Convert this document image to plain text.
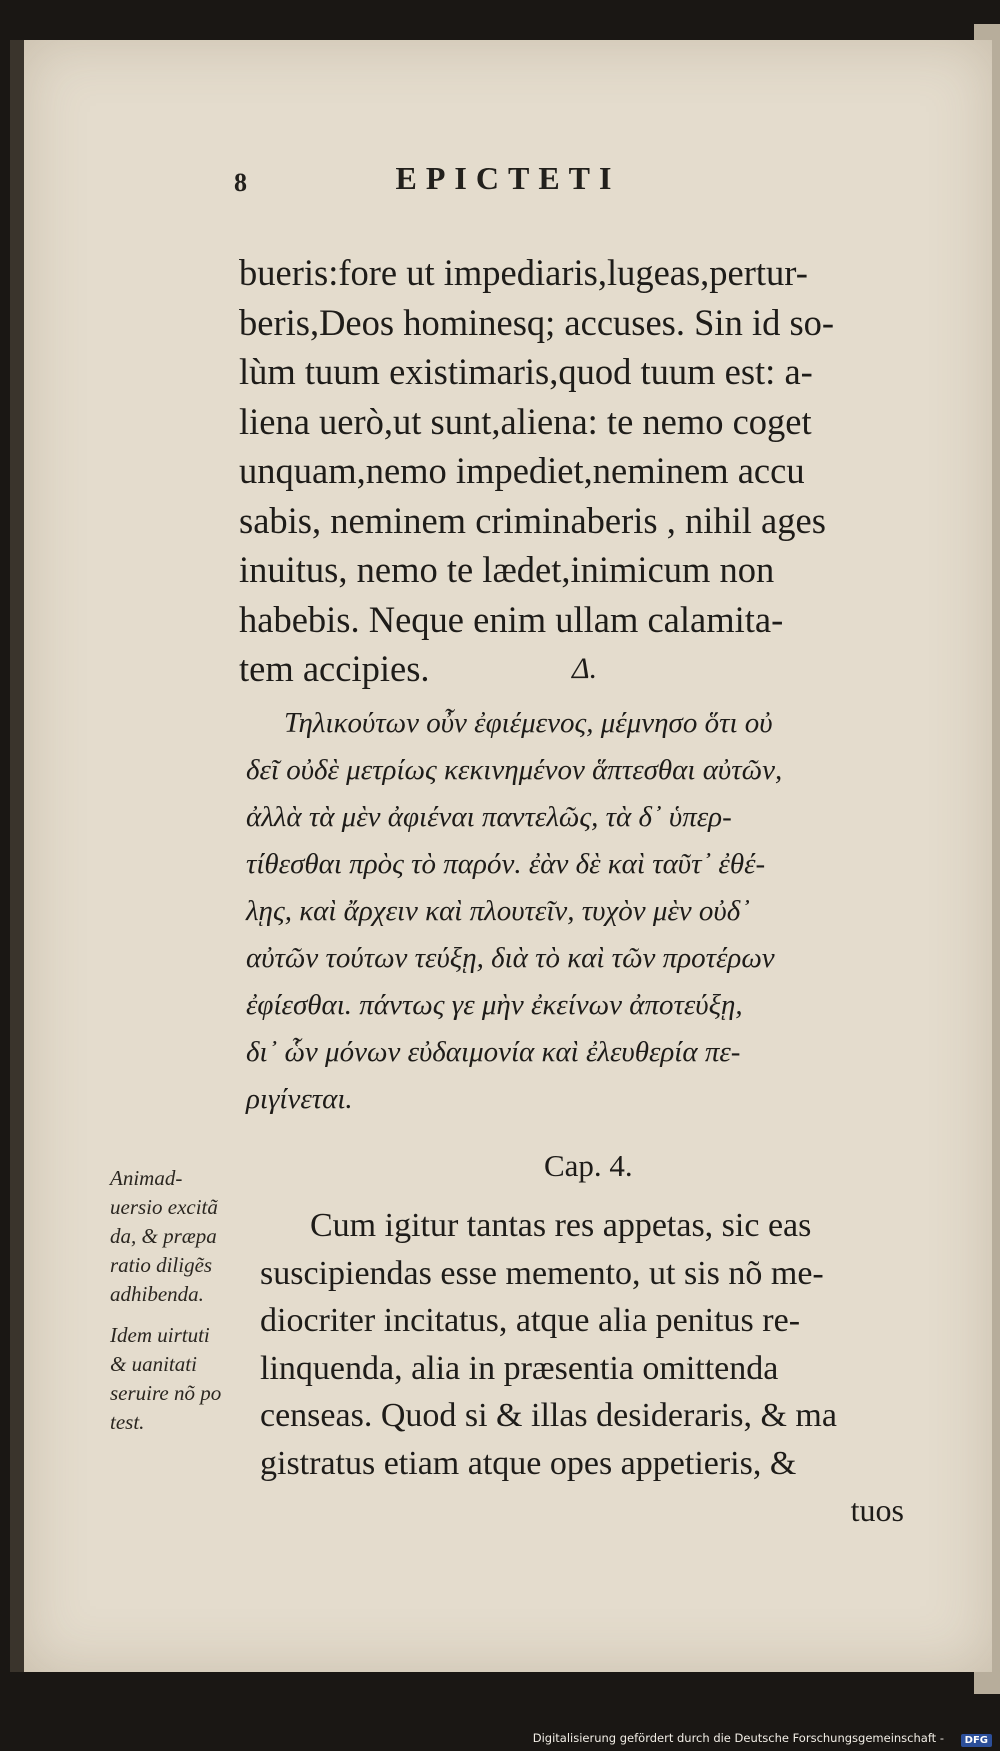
8	EPICTETI
bueris:fore ut impediaris,lugeas,pertur-
beris,Deos hominesq; accuses. Sin id so-
lùm tuum existimaris,quod tuum est: a-
liena uerò,ut sunt,aliena: te nemo coget
unquam,nemo impediet,neminem accu
sabis, neminem criminaberis , nihil ages
inuitus, nemo te lædet,inimicum non
habebis. Neque enim ullam calamita-
tem accipies.	Δ.
Τηλικούτων οὖν ἐφιέμενος, μέμνησο ὅτι οὐ
δεῖ οὐδὲ μετρίως κεκινημένον ἅπτεσθαι αὐτῶν,
ἀλλὰ τὰ μὲν ἀφιέναι παντελῶς, τὰ δ᾽ ὑπερ-
τίθεσθαι πρὸς τὸ παρόν. ἐὰν δὲ καὶ ταῦτ᾽ ἐθέ-
λῃς, καὶ ἄρχειν καὶ πλουτεῖν, τυχὸν μὲν οὐδ᾽
αὐτῶν τούτων τεύξῃ, διὰ τὸ καὶ τῶν προτέρων
ἐφίεσθαι. πάντως γε μὴν ἐκείνων ἀποτεύξῃ,
δι᾽ ὧν μόνων εὐδαιμονία καὶ ἐλευθερία πε-
ριγίνεται.
Cap. 4.
Animad-
uersio excitã
da, & præpa
ratio diligẽs
adhibenda.
Idem uirtuti
& uanitati
seruire nõ po
test.
Cum igitur tantas res appetas, sic eas
suscipiendas esse memento, ut sis nõ me-
diocriter incitatus, atque alia penitus re-
linquenda, alia in præsentia omittenda
censeas. Quod si & illas desideraris, & ma
gistratus etiam atque opes appetieris, &
tuos
Digitalisierung gefördert durch die Deutsche Forschungsgemeinschaft -	DFG
